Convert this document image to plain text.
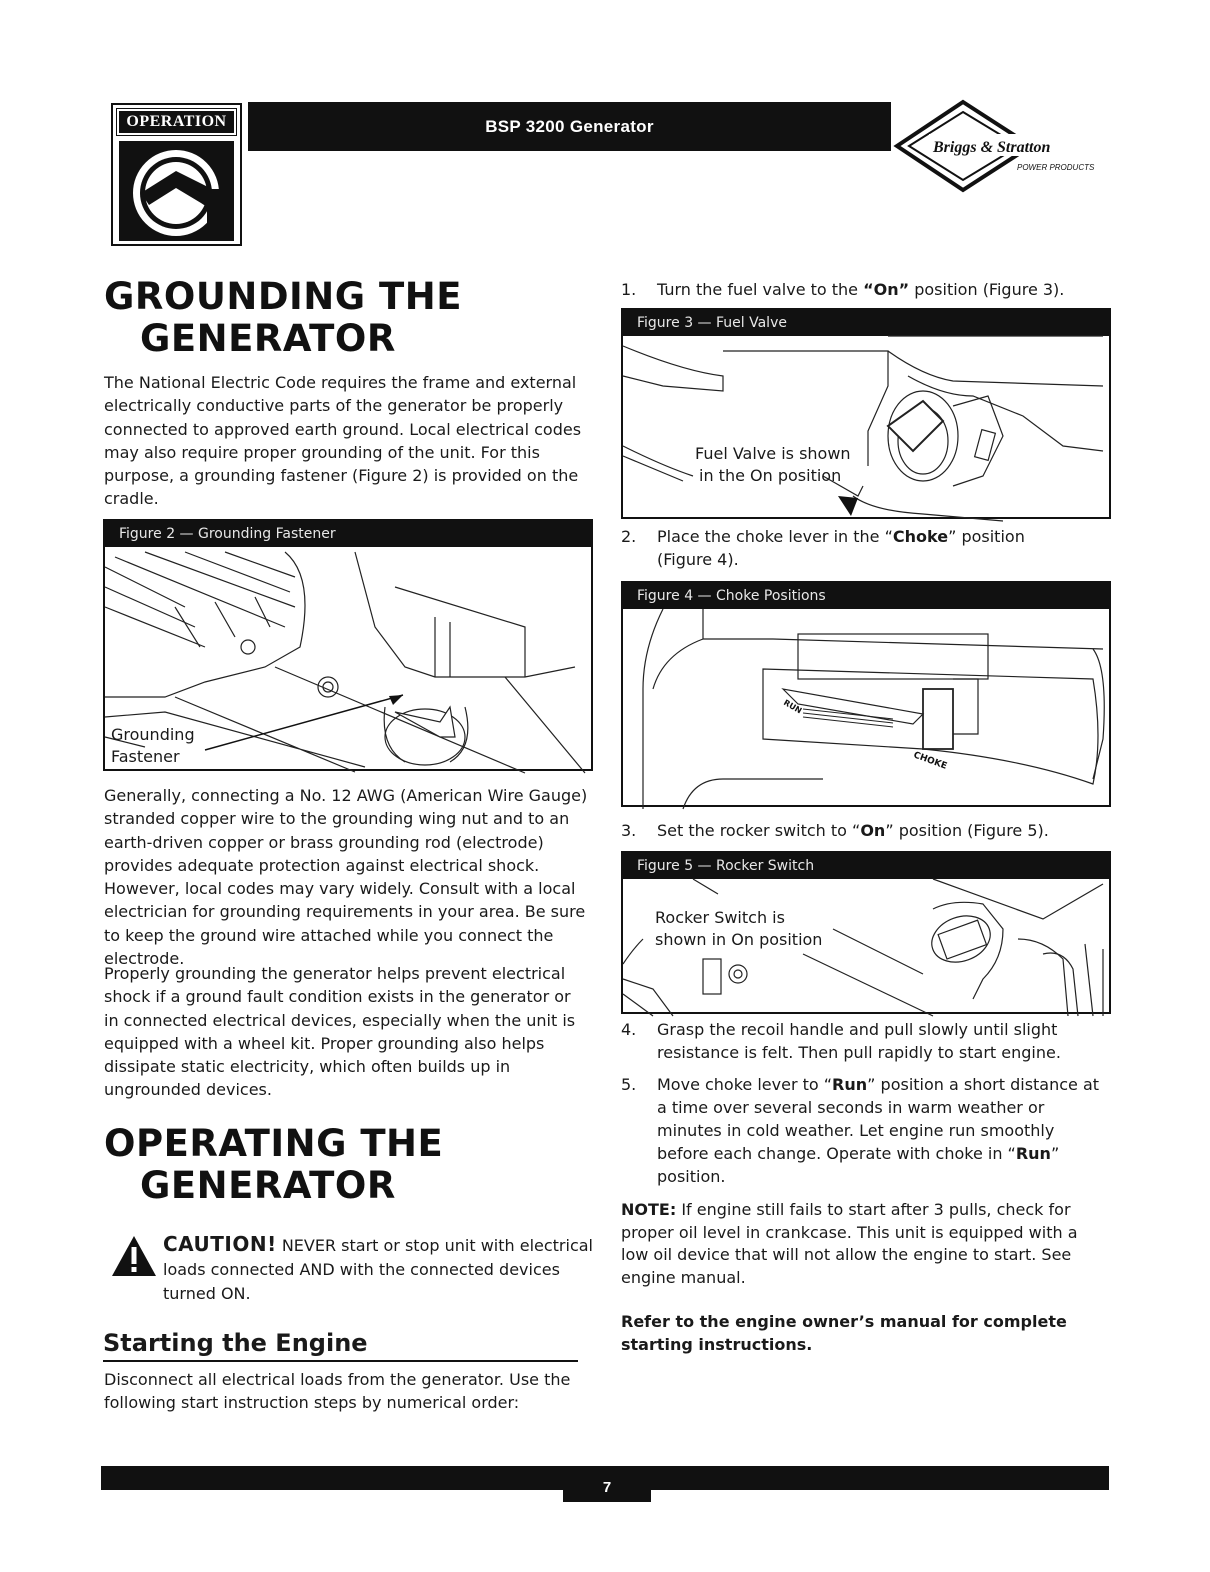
OPERATION	BSP 3200 Generator
Briggs & Stratton
POWER PRODUCTS
GROUNDING THE
GENERATOR
The National Electric Code requires the frame and external electrically conductive parts of the generator be properly connected to approved earth ground. Local electrical codes may also require proper grounding of the unit. For this purpose, a grounding fastener (Figure 2) is provided on the cradle.
Figure 2 — Grounding Fastener
Grounding
Fastener
Generally, connecting a No. 12 AWG (American Wire Gauge) stranded copper wire to the grounding wing nut and to an earth-driven copper or brass grounding rod (electrode) provides adequate protection against electrical shock. However, local codes may vary widely. Consult with a local electrician for grounding requirements in your area. Be sure to keep the ground wire attached while you connect the electrode.
Properly grounding the generator helps prevent electrical shock if a ground fault condition exists in the generator or in connected electrical devices, especially when the unit is equipped with a wheel kit. Proper grounding also helps dissipate static electricity, which often builds up in ungrounded devices.
OPERATING THE
GENERATOR
CAUTION! NEVER start or stop unit with electrical loads connected AND with the connected devices turned ON.
Starting the Engine
Disconnect all electrical loads from the generator. Use the following start instruction steps by numerical order:
1. Turn the fuel valve to the “On” position (Figure 3).
Figure 3 — Fuel Valve
Fuel Valve is shown
in the On position
2. Place the choke lever in the “Choke” position
(Figure 4).
Figure 4 — Choke Positions
CHOKE
RUN
3. Set the rocker switch to “On” position (Figure 5).
Figure 5 — Rocker Switch
Rocker Switch is
shown in On position
4. Grasp the recoil handle and pull slowly until slight resistance is felt. Then pull rapidly to start engine.
5. Move choke lever to “Run” position a short distance at a time over several seconds in warm weather or minutes in cold weather. Let engine run smoothly before each change. Operate with choke in “Run” position.
NOTE: If engine still fails to start after 3 pulls, check for proper oil level in crankcase. This unit is equipped with a low oil device that will not allow the engine to start. See engine manual.
Refer to the engine owner’s manual for complete starting instructions.
7
